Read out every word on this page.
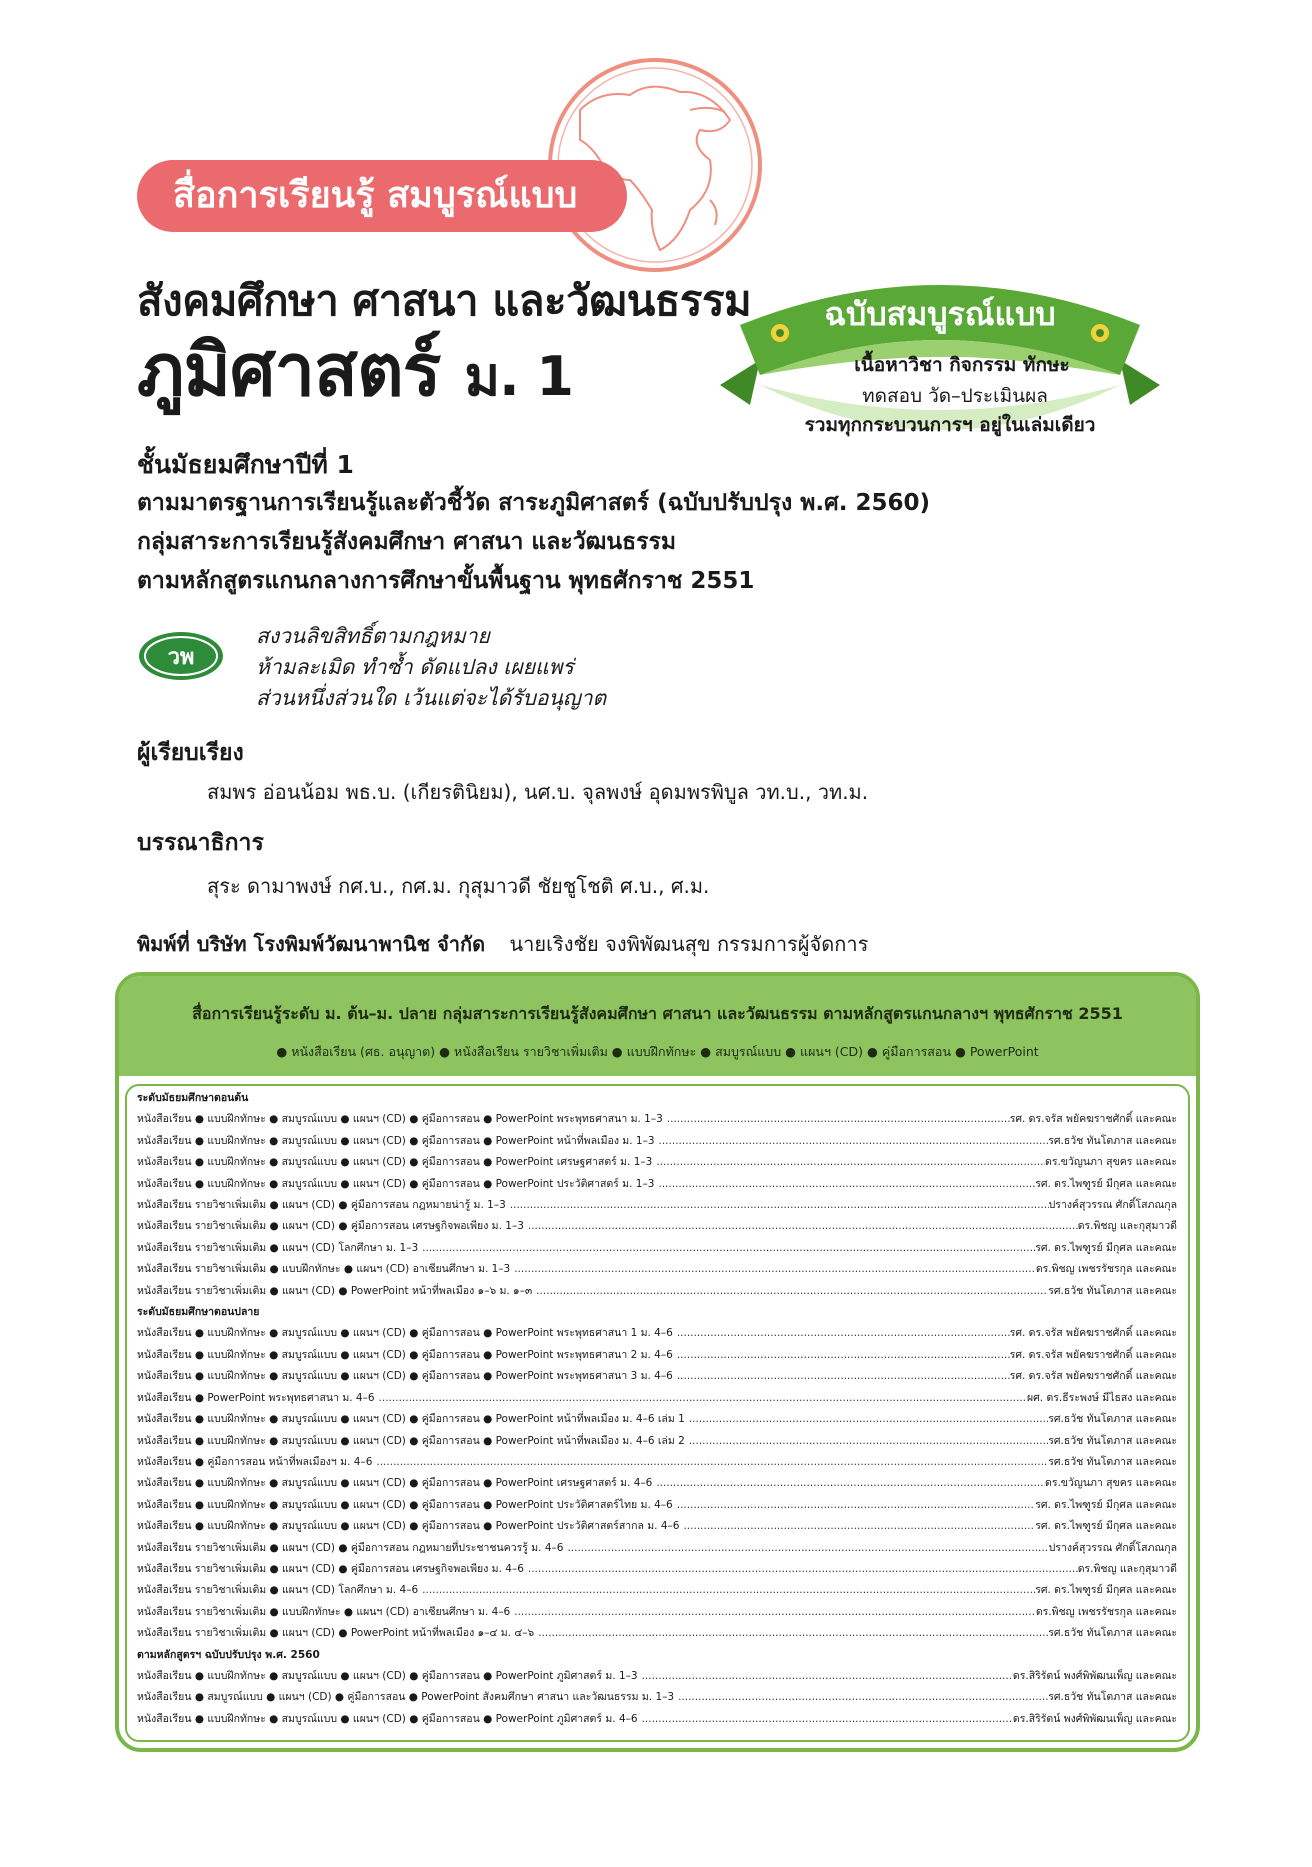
สื่อการเรียนรู้ สมบูรณ์แบบ
สังคมศึกษา ศาสนา และวัฒนธรรม
ภูมิศาสตร์ ม. 1
ฉบับสมบูรณ์แบบ
เนื้อหาวิชา กิจกรรม ทักษะ
ทดสอบ วัด–ประเมินผล
รวมทุกกระบวนการฯ อยู่ในเล่มเดียว
ชั้นมัธยมศึกษาปีที่ 1
ตามมาตรฐานการเรียนรู้และตัวชี้วัด สาระภูมิศาสตร์ (ฉบับปรับปรุง พ.ศ. 2560)
กลุ่มสาระการเรียนรู้สังคมศึกษา ศาสนา และวัฒนธรรม
ตามหลักสูตรแกนกลางการศึกษาขั้นพื้นฐาน พุทธศักราช 2551
วพ
สงวนลิขสิทธิ์ตามกฎหมาย
ห้ามละเมิด ทำซ้ำ ดัดแปลง เผยแพร่
ส่วนหนึ่งส่วนใด เว้นแต่จะได้รับอนุญาต
ผู้เรียบเรียง
สมพร อ่อนน้อม พธ.บ. (เกียรตินิยม), นศ.บ. จุลพงษ์ อุดมพรพิบูล วท.บ., วท.ม.
บรรณาธิการ
สุระ ดามาพงษ์ กศ.บ., กศ.ม. กุสุมาวดี ชัยชูโชติ ศ.บ., ศ.ม.
พิมพ์ที่ บริษัท โรงพิมพ์วัฒนาพานิช จำกัด นายเริงชัย จงพิพัฒนสุข กรรมการผู้จัดการ
สื่อการเรียนรู้ระดับ ม. ต้น–ม. ปลาย กลุ่มสาระการเรียนรู้สังคมศึกษา ศาสนา และวัฒนธรรม ตามหลักสูตรแกนกลางฯ พุทธศักราช 2551
● หนังสือเรียน (ศธ. อนุญาต) ● หนังสือเรียน รายวิชาเพิ่มเติม ● แบบฝึกทักษะ ● สมบูรณ์แบบ ● แผนฯ (CD) ● คู่มือการสอน ● PowerPoint
ระดับมัธยมศึกษาตอนต้น
หนังสือเรียน ● แบบฝึกทักษะ ● สมบูรณ์แบบ ● แผนฯ (CD) ● คู่มือการสอน ● PowerPoint พระพุทธศาสนา ม. 1–3 .....	รศ. ดร.จรัส พยัคฆราชศักดิ์ และคณะ
หนังสือเรียน ● แบบฝึกทักษะ ● สมบูรณ์แบบ ● แผนฯ (CD) ● คู่มือการสอน ● PowerPoint หน้าที่พลเมือง ม. 1–3 .....	รศ.ธวัช ทันโตภาส และคณะ
หนังสือเรียน ● แบบฝึกทักษะ ● สมบูรณ์แบบ ● แผนฯ (CD) ● คู่มือการสอน ● PowerPoint เศรษฐศาสตร์ ม. 1–3 .....	ดร.ขวัญนภา สุขคร และคณะ
หนังสือเรียน ● แบบฝึกทักษะ ● สมบูรณ์แบบ ● แผนฯ (CD) ● คู่มือการสอน ● PowerPoint ประวัติศาสตร์ ม. 1–3 .....	รศ. ดร.ไพฑูรย์ มีกุศล และคณะ
หนังสือเรียน รายวิชาเพิ่มเติม ● แผนฯ (CD) ● คู่มือการสอน กฎหมายน่ารู้ ม. 1–3 .....	ปรางค์สุวรรณ ศักดิ์โสภณกุล
หนังสือเรียน รายวิชาเพิ่มเติม ● แผนฯ (CD) ● คู่มือการสอน เศรษฐกิจพอเพียง ม. 1–3 .....	ดร.พิชญ และกุสุมาวดี
หนังสือเรียน รายวิชาเพิ่มเติม ● แผนฯ (CD) โลกศึกษา ม. 1–3 .....	รศ. ดร.ไพฑูรย์ มีกุศล และคณะ
หนังสือเรียน รายวิชาเพิ่มเติม ● แบบฝึกทักษะ ● แผนฯ (CD) อาเซียนศึกษา ม. 1–3 .....	ดร.พิชญ เพชรรัชรกุล และคณะ
หนังสือเรียน รายวิชาเพิ่มเติม ● แผนฯ (CD) ● PowerPoint หน้าที่พลเมือง ๑–๖ ม. ๑–๓ .....	รศ.ธวัช ทันโตภาส และคณะ
ระดับมัธยมศึกษาตอนปลาย
หนังสือเรียน ● แบบฝึกทักษะ ● สมบูรณ์แบบ ● แผนฯ (CD) ● คู่มือการสอน ● PowerPoint พระพุทธศาสนา 1 ม. 4–6 .....	รศ. ดร.จรัส พยัคฆราชศักดิ์ และคณะ
หนังสือเรียน ● แบบฝึกทักษะ ● สมบูรณ์แบบ ● แผนฯ (CD) ● คู่มือการสอน ● PowerPoint พระพุทธศาสนา 2 ม. 4–6 .....	รศ. ดร.จรัส พยัคฆราชศักดิ์ และคณะ
หนังสือเรียน ● แบบฝึกทักษะ ● สมบูรณ์แบบ ● แผนฯ (CD) ● คู่มือการสอน ● PowerPoint พระพุทธศาสนา 3 ม. 4–6 .....	รศ. ดร.จรัส พยัคฆราชศักดิ์ และคณะ
หนังสือเรียน ● PowerPoint พระพุทธศาสนา ม. 4–6 .....	ผศ. ดร.ธีระพงษ์ มีไธสง และคณะ
หนังสือเรียน ● แบบฝึกทักษะ ● สมบูรณ์แบบ ● แผนฯ (CD) ● คู่มือการสอน ● PowerPoint หน้าที่พลเมือง ม. 4–6 เล่ม 1 .....	รศ.ธวัช ทันโตภาส และคณะ
หนังสือเรียน ● แบบฝึกทักษะ ● สมบูรณ์แบบ ● แผนฯ (CD) ● คู่มือการสอน ● PowerPoint หน้าที่พลเมือง ม. 4–6 เล่ม 2 .....	รศ.ธวัช ทันโตภาส และคณะ
หนังสือเรียน ● คู่มือการสอน หน้าที่พลเมืองฯ ม. 4–6 .....	รศ.ธวัช ทันโตภาส และคณะ
หนังสือเรียน ● แบบฝึกทักษะ ● สมบูรณ์แบบ ● แผนฯ (CD) ● คู่มือการสอน ● PowerPoint เศรษฐศาสตร์ ม. 4–6 .....	ดร.ขวัญนภา สุขคร และคณะ
หนังสือเรียน ● แบบฝึกทักษะ ● สมบูรณ์แบบ ● แผนฯ (CD) ● คู่มือการสอน ● PowerPoint ประวัติศาสตร์ไทย ม. 4–6 .....	รศ. ดร.ไพฑูรย์ มีกุศล และคณะ
หนังสือเรียน ● แบบฝึกทักษะ ● สมบูรณ์แบบ ● แผนฯ (CD) ● คู่มือการสอน ● PowerPoint ประวัติศาสตร์สากล ม. 4–6 .....	รศ. ดร.ไพฑูรย์ มีกุศล และคณะ
หนังสือเรียน รายวิชาเพิ่มเติม ● แผนฯ (CD) ● คู่มือการสอน กฎหมายที่ประชาชนควรรู้ ม. 4–6 .....	ปรางค์สุวรรณ ศักดิ์โสภณกุล
หนังสือเรียน รายวิชาเพิ่มเติม ● แผนฯ (CD) ● คู่มือการสอน เศรษฐกิจพอเพียง ม. 4–6 .....	ดร.พิชญ และกุสุมาวดี
หนังสือเรียน รายวิชาเพิ่มเติม ● แผนฯ (CD) โลกศึกษา ม. 4–6 .....	รศ. ดร.ไพฑูรย์ มีกุศล และคณะ
หนังสือเรียน รายวิชาเพิ่มเติม ● แบบฝึกทักษะ ● แผนฯ (CD) อาเซียนศึกษา ม. 4–6 .....	ดร.พิชญ เพชรรัชรกุล และคณะ
หนังสือเรียน รายวิชาเพิ่มเติม ● แผนฯ (CD) ● PowerPoint หน้าที่พลเมือง ๑–๔ ม. ๔–๖ .....	รศ.ธวัช ทันโตภาส และคณะ
ตามหลักสูตรฯ ฉบับปรับปรุง พ.ศ. 2560
หนังสือเรียน ● แบบฝึกทักษะ ● สมบูรณ์แบบ ● แผนฯ (CD) ● คู่มือการสอน ● PowerPoint ภูมิศาสตร์ ม. 1–3 .....	ดร.สิริรัตน์ พงศ์พิพัฒนเพ็ญ และคณะ
หนังสือเรียน ● สมบูรณ์แบบ ● แผนฯ (CD) ● คู่มือการสอน ● PowerPoint สังคมศึกษา ศาสนา และวัฒนธรรม ม. 1–3 .....	รศ.ธวัช ทันโตภาส และคณะ
หนังสือเรียน ● แบบฝึกทักษะ ● สมบูรณ์แบบ ● แผนฯ (CD) ● คู่มือการสอน ● PowerPoint ภูมิศาสตร์ ม. 4–6 .....	ดร.สิริรัตน์ พงศ์พิพัฒนเพ็ญ และคณะ
